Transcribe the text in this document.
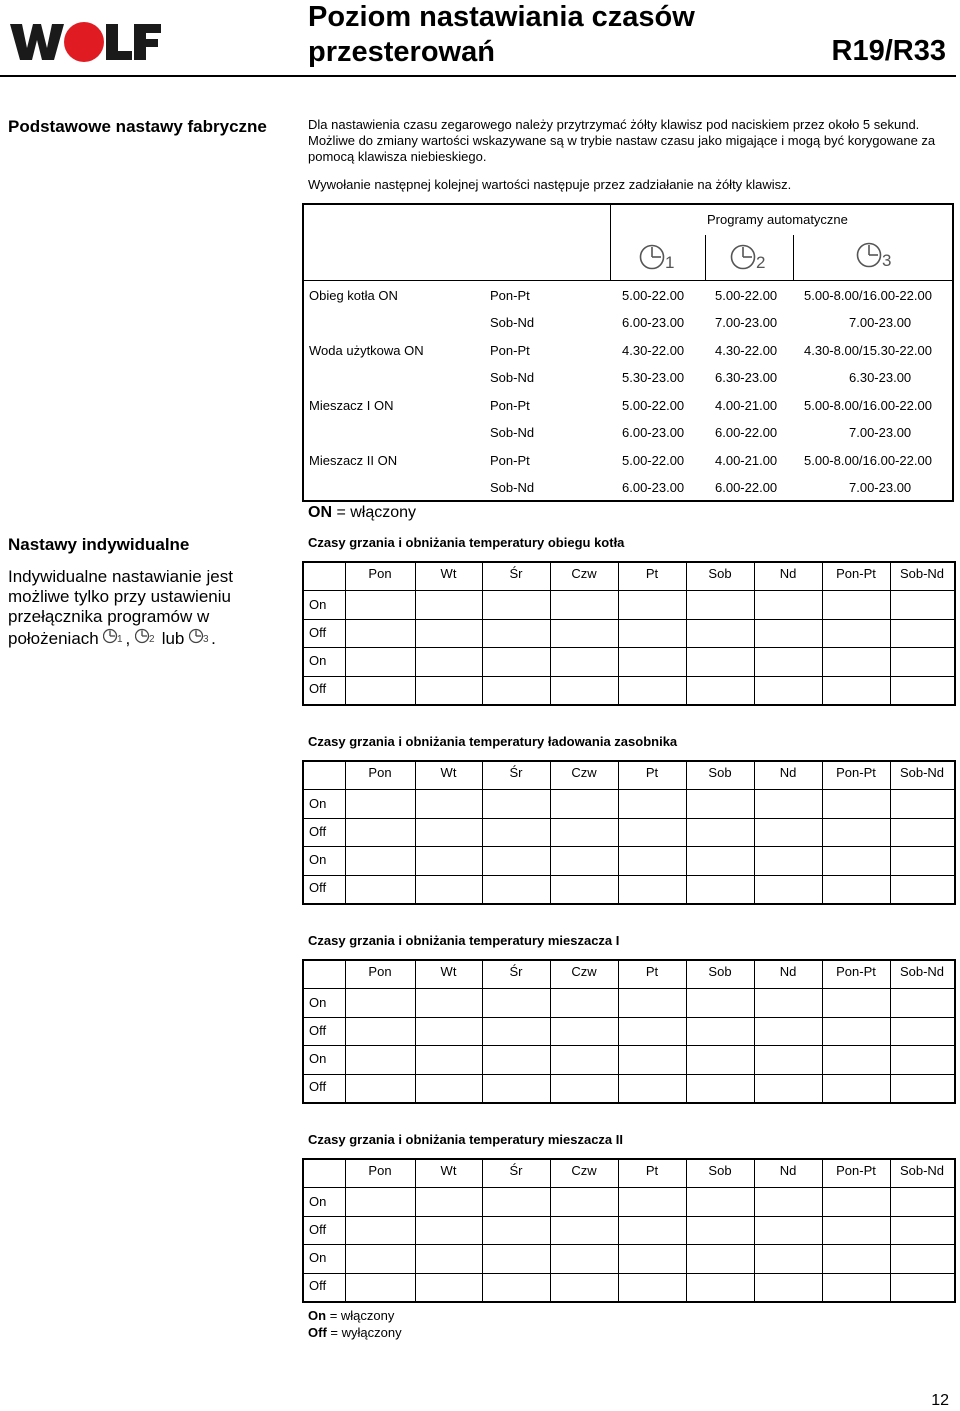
Poziom nastawiania czasów
przesterowań	R19/R33
Podstawowe nastawy fabryczne
Nastawy indywidualne
Indywidualne nastawianie jest możliwe tylko przy ustawieniu przełącznika programów w położeniach 1 , 2 lub 3 .
Dla nastawienia czasu zegarowego należy przytrzymać żółty klawisz pod naciskiem przez około 5 sekund. Możliwe do zmiany wartości wskazywane są w trybie nastaw czasu jako migające i mogą być korygowane za pomocą klawisza niebieskiego.
Wywołanie następnej kolejnej wartości następuje przez zadziałanie na żółty klawisz.
Programy automatyczne
1	2	3
Obieg kotła ON	Pon-Pt	5.00-22.00 5.00-22.00 5.00-8.00/16.00-22.00
Sob-Nd	6.00-23.00 7.00-23.00	7.00-23.00
Woda użytkowa ON	Pon-Pt	4.30-22.00 4.30-22.00 4.30-8.00/15.30-22.00
Sob-Nd	5.30-23.00 6.30-23.00	6.30-23.00
Mieszacz I ON	Pon-Pt	5.00-22.00 4.00-21.00 5.00-8.00/16.00-22.00
Sob-Nd	6.00-23.00 6.00-22.00	7.00-23.00
Mieszacz II ON	Pon-Pt	5.00-22.00 4.00-21.00 5.00-8.00/16.00-22.00
Sob-Nd	6.00-23.00 6.00-22.00	7.00-23.00
ON = włączony
Czasy grzania i obniżania temperatury obiegu kotła
Pon	Wt	Śr	Czw	Pt	Sob	Nd	Pon-Pt	Sob-Nd
On
Off
On
Off
Czasy grzania i obniżania temperatury ładowania zasobnika
Pon	Wt	Śr	Czw	Pt	Sob	Nd	Pon-Pt	Sob-Nd
On
Off
On
Off
Czasy grzania i obniżania temperatury mieszacza I
Pon	Wt	Śr	Czw	Pt	Sob	Nd	Pon-Pt	Sob-Nd
On
Off
On
Off
Czasy grzania i obniżania temperatury mieszacza II
Pon	Wt	Śr	Czw	Pt	Sob	Nd	Pon-Pt	Sob-Nd
On
Off
On
Off
On = włączony
Off = wyłączony
12
